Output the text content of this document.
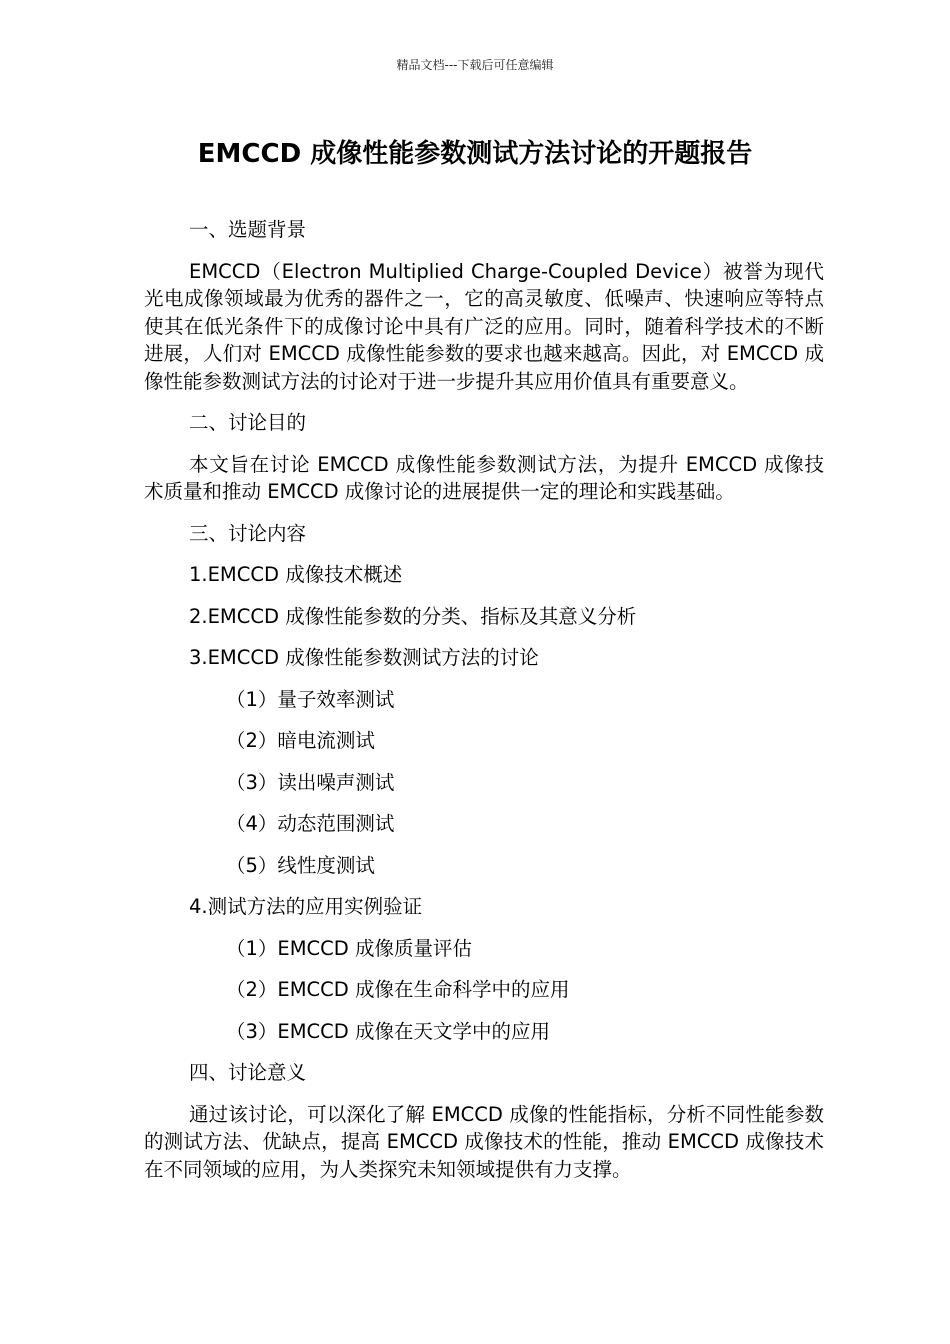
精品文档---下载后可任意编辑
EMCCD 成像性能参数测试方法讨论的开题报告
一、选题背景
EMCCD（Electron Multiplied Charge-Coupled Device）被誉为现代光电成像领域最为优秀的器件之一，它的高灵敏度、低噪声、快速响应等特点使其在低光条件下的成像讨论中具有广泛的应用。同时，随着科学技术的不断进展，人们对 EMCCD 成像性能参数的要求也越来越高。因此，对 EMCCD 成像性能参数测试方法的讨论对于进一步提升其应用价值具有重要意义。
二、讨论目的
本文旨在讨论 EMCCD 成像性能参数测试方法，为提升 EMCCD 成像技术质量和推动 EMCCD 成像讨论的进展提供一定的理论和实践基础。
三、讨论内容
1.EMCCD 成像技术概述
2.EMCCD 成像性能参数的分类、指标及其意义分析
3.EMCCD 成像性能参数测试方法的讨论
（1）量子效率测试
（2）暗电流测试
（3）读出噪声测试
（4）动态范围测试
（5）线性度测试
4.测试方法的应用实例验证
（1）EMCCD 成像质量评估
（2）EMCCD 成像在生命科学中的应用
（3）EMCCD 成像在天文学中的应用
四、讨论意义
通过该讨论，可以深化了解 EMCCD 成像的性能指标，分析不同性能参数的测试方法、优缺点，提高 EMCCD 成像技术的性能，推动 EMCCD 成像技术在不同领域的应用，为人类探究未知领域提供有力支撑。
